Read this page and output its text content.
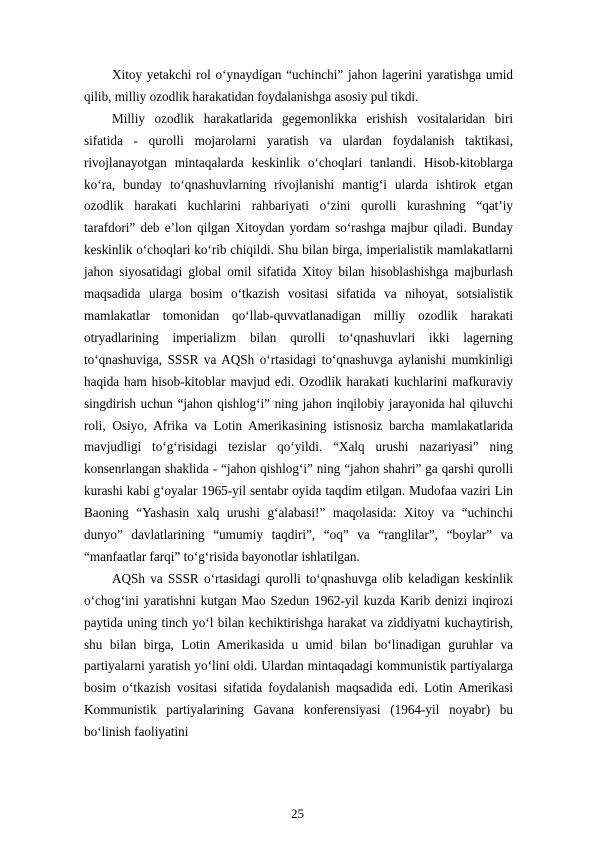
Xitoy yetakchi rol oʻynaydigan “uchinchi” jahon lagerini yaratishga umid qilib, milliy ozodlik harakatidan foydalanishga asosiy pul tikdi.

Milliy ozodlik harakatlarida gegemonlikka erishish vositalaridan biri sifatida - qurolli mojarolarni yaratish va ulardan foydalanish taktikasi, rivojlanayotgan mintaqalarda keskinlik oʻchoqlari tanlandi. Hisob-kitoblarga koʻra, bunday toʻqnashuvlarning rivojlanishi mantigʻi ularda ishtirok etgan ozodlik harakati kuchlarini rahbariyati oʻzini qurolli kurashning “qat’iy tarafdori” deb e’lon qilgan Xitoydan yordam soʻrashga majbur qiladi. Bunday keskinlik oʻchoqlari koʻrib chiqildi. Shu bilan birga, imperialistik mamlakatlarni jahon siyosatidagi global omil sifatida Xitoy bilan hisoblashishga majburlash maqsadida ularga bosim oʻtkazish vositasi sifatida va nihoyat, sotsialistik mamlakatlar tomonidan qoʻllab-quvvatlanadigan milliy ozodlik harakati otryadlarining imperializm bilan qurolli toʻqnashuvlari ikki lagerning toʻqnashuviga, SSSR va AQSh oʻrtasidagi toʻqnashuvga aylanishi mumkinligi haqida ham hisob-kitoblar mavjud edi. Ozodlik harakati kuchlarini mafkuraviy singdirish uchun “jahon qishlogʻi” ning jahon inqilobiy jarayonida hal qiluvchi roli, Osiyo, Afrika va Lotin Amerikasining istisnosiz barcha mamlakatlarida mavjudligi toʻgʻrisidagi tezislar qoʻyildi. “Xalq urushi nazariyasi” ning konsenrlangan shaklida - “jahon qishlogʻi” ning “jahon shahri” ga qarshi qurolli kurashi kabi gʻoyalar 1965-yil sentabr oyida taqdim etilgan. Mudofaa vaziri Lin Baoning “Yashasin xalq urushi gʻalabasi!” maqolasida: Xitoy va “uchinchi dunyo” davlatlarining “umumiy taqdiri”, “oq” va “ranglilar”, “boylar” va “manfaatlar farqi” toʻgʻrisida bayonotlar ishlatilgan.

AQSh va SSSR oʻrtasidagi qurolli toʻqnashuvga olib keladigan keskinlik oʻchogʻini yaratishni kutgan Mao Szedun 1962-yil kuzda Karib denizi inqirozi paytida uning tinch yoʻl bilan kechiktirishga harakat va ziddiyatni kuchaytirish, shu bilan birga, Lotin Amerikasida u umid bilan boʻlinadigan guruhlar va partiyalarni yaratish yoʻlini oldi. Ulardan mintaqadagi kommunistik partiyalarga bosim oʻtkazish vositasi sifatida foydalanish maqsadida edi. Lotin Amerikasi Kommunistik partiyalarining Gavana konferensiyasi (1964-yil noyabr) bu boʻlinish faoliyatini

25
